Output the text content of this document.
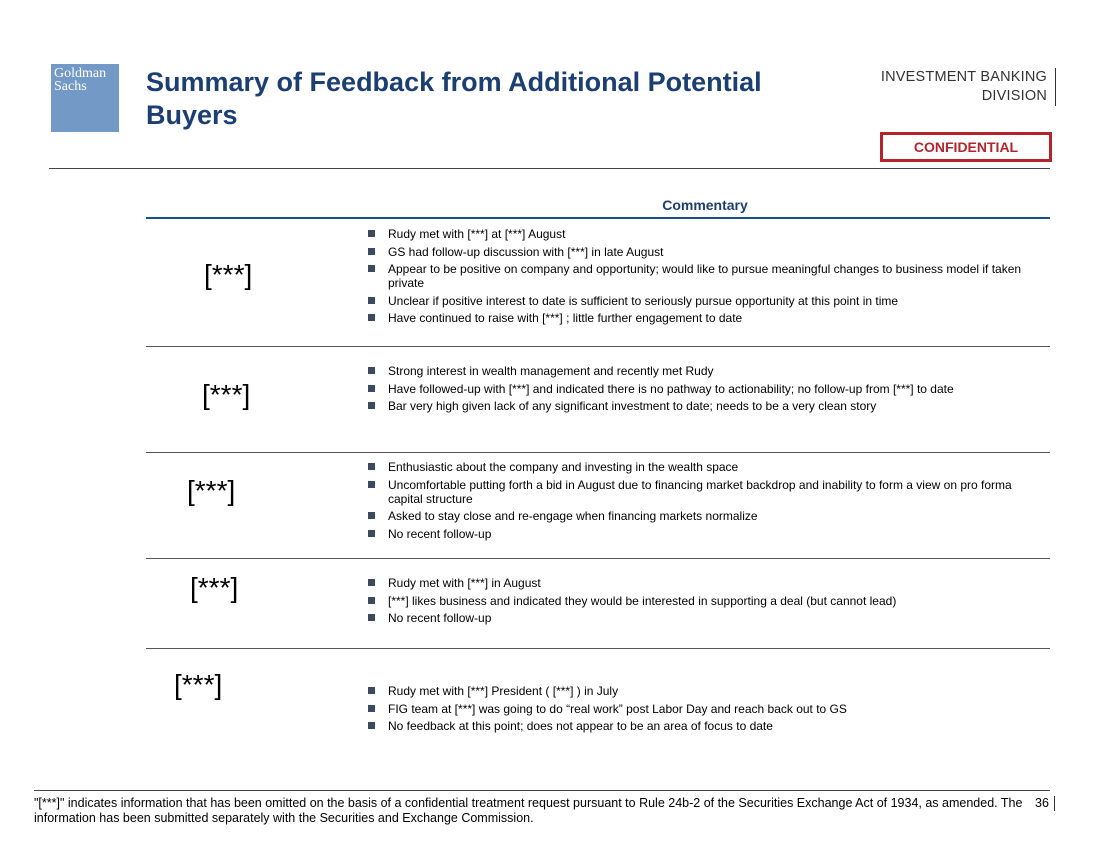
Goldman
Sachs	Summary of Feedback from Additional Potential Buyers
INVESTMENT BANKING
DIVISION
CONFIDENTIAL
Commentary
[***]
Rudy met with [***] at [***] August
GS had follow-up discussion with [***] in late August
Appear to be positive on company and opportunity; would like to pursue meaningful changes to business model if taken private
Unclear if positive interest to date is sufficient to seriously pursue opportunity at this point in time
Have continued to raise with [***] ; little further engagement to date
[***]
Strong interest in wealth management and recently met Rudy
Have followed-up with [***] and indicated there is no pathway to actionability; no follow-up from [***] to date
Bar very high given lack of any significant investment to date; needs to be a very clean story
[***]
Enthusiastic about the company and investing in the wealth space
Uncomfortable putting forth a bid in August due to financing market backdrop and inability to form a view on pro forma capital structure
Asked to stay close and re-engage when financing markets normalize
No recent follow-up
[***]	Rudy met with [***] in August
[***] likes business and indicated they would be interested in supporting a deal (but cannot lead)
No recent follow-up
[***]	Rudy met with [***] President ( [***] ) in July
FIG team at [***] was going to do “real work” post Labor Day and reach back out to GS
No feedback at this point; does not appear to be an area of focus to date
"[***]" indicates information that has been omitted on the basis of a confidential treatment request pursuant to Rule 24b-2 of the Securities Exchange Act of 1934, as amended. The information has been submitted separately with the Securities and Exchange Commission.
36
